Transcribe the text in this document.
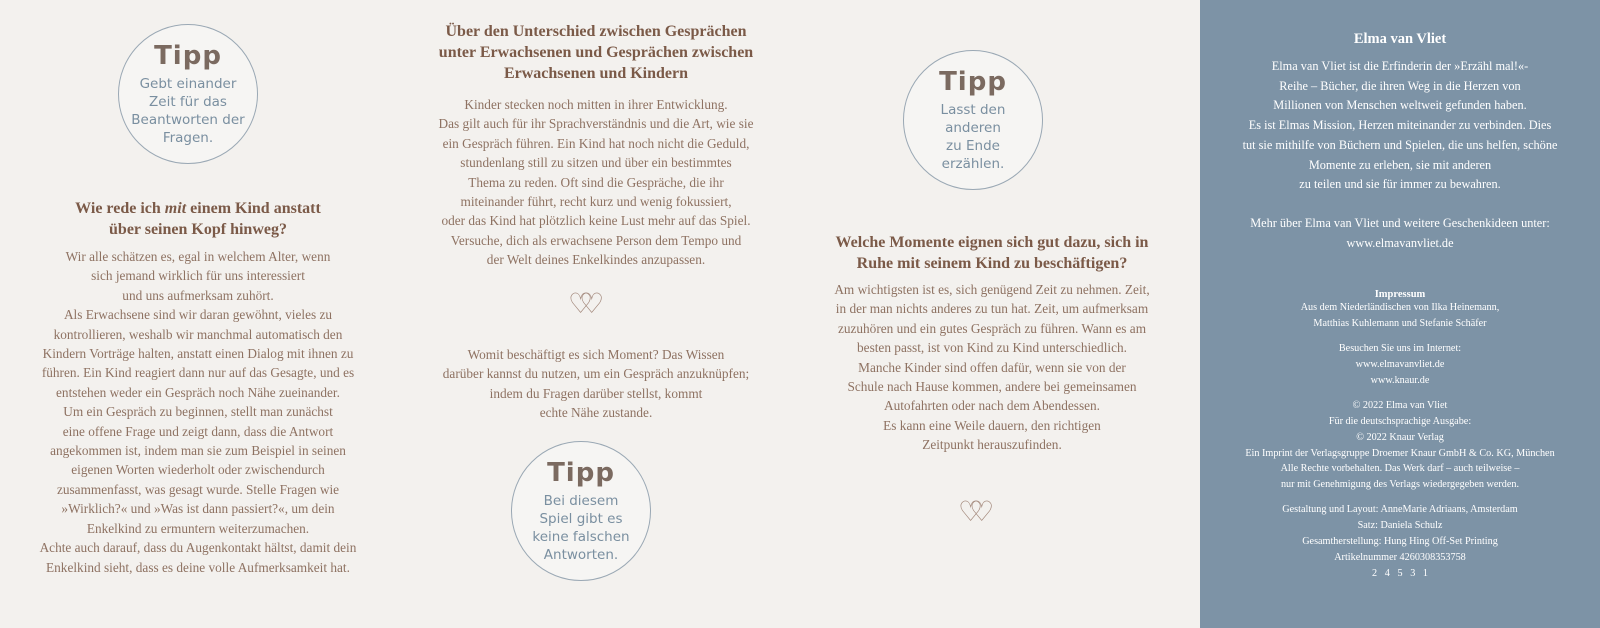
Tipp
Gebt einander
Zeit für das
Beantworten der
Fragen.
Wie rede ich mit einem Kind anstatt
über seinen Kopf hinweg?
Wir alle schätzen es, egal in welchem Alter, wenn
sich jemand wirklich für uns interessiert
und uns aufmerksam zuhört.
Als Erwachsene sind wir daran gewöhnt, vieles zu
kontrollieren, weshalb wir manchmal automatisch den
Kindern Vorträge halten, anstatt einen Dialog mit ihnen zu
führen. Ein Kind reagiert dann nur auf das Gesagte, und es
entstehen weder ein Gespräch noch Nähe zueinander.
Um ein Gespräch zu beginnen, stellt man zunächst
eine offene Frage und zeigt dann, dass die Antwort
angekommen ist, indem man sie zum Beispiel in seinen
eigenen Worten wiederholt oder zwischendurch
zusammenfasst, was gesagt wurde. Stelle Fragen wie
»Wirklich?« und »Was ist dann passiert?«, um dein
Enkelkind zu ermuntern weiterzumachen.
Achte auch darauf, dass du Augenkontakt hältst, damit dein
Enkelkind sieht, dass es deine volle Aufmerksamkeit hat.
Über den Unterschied zwischen Gesprächen
unter Erwachsenen und Gesprächen zwischen
Erwachsenen und Kindern
Kinder stecken noch mitten in ihrer Entwicklung.
Das gilt auch für ihr Sprachverständnis und die Art, wie sie
ein Gespräch führen. Ein Kind hat noch nicht die Geduld,
stundenlang still zu sitzen und über ein bestimmtes
Thema zu reden. Oft sind die Gespräche, die ihr
miteinander führt, recht kurz und wenig fokussiert,
oder das Kind hat plötzlich keine Lust mehr auf das Spiel.
Versuche, dich als erwachsene Person dem Tempo und
der Welt deines Enkelkindes anzupassen.
Womit beschäftigt es sich Moment? Das Wissen
darüber kannst du nutzen, um ein Gespräch anzuknüpfen;
indem du Fragen darüber stellst, kommt
echte Nähe zustande.
♡♡
Tipp
Bei diesem
Spiel gibt es
keine falschen
Antworten.
Tipp
Lasst den
anderen
zu Ende
erzählen.
Welche Momente eignen sich gut dazu, sich in
Ruhe mit seinem Kind zu beschäftigen?
Am wichtigsten ist es, sich genügend Zeit zu nehmen. Zeit,
in der man nichts anderes zu tun hat. Zeit, um aufmerksam
zuzuhören und ein gutes Gespräch zu führen. Wann es am
besten passt, ist von Kind zu Kind unterschiedlich.
Manche Kinder sind offen dafür, wenn sie von der
Schule nach Hause kommen, andere bei gemeinsamen
Autofahrten oder nach dem Abendessen.
Es kann eine Weile dauern, den richtigen
Zeitpunkt herauszufinden.
♡♡
Elma van Vliet
Elma van Vliet ist die Erfinderin der »Erzähl mal!«-
Reihe – Bücher, die ihren Weg in die Herzen von
Millionen von Menschen weltweit gefunden haben.
Es ist Elmas Mission, Herzen miteinander zu verbinden. Dies
tut sie mithilfe von Büchern und Spielen, die uns helfen, schöne
Momente zu erleben, sie mit anderen
zu teilen und sie für immer zu bewahren.
Mehr über Elma van Vliet und weitere Geschenkideen unter:
www.elmavanvliet.de
Impressum
Aus dem Niederländischen von Ilka Heinemann,
Matthias Kuhlemann und Stefanie Schäfer
Besuchen Sie uns im Internet:
www.elmavanvliet.de
www.knaur.de
© 2022 Elma van Vliet
Für die deutschsprachige Ausgabe:
© 2022 Knaur Verlag
Ein Imprint der Verlagsgruppe Droemer Knaur GmbH & Co. KG, München
Alle Rechte vorbehalten. Das Werk darf – auch teilweise –
nur mit Genehmigung des Verlags wiedergegeben werden.
Gestaltung und Layout: AnneMarie Adriaans, Amsterdam
Satz: Daniela Schulz
Gesamtherstellung: Hung Hing Off-Set Printing
Artikelnummer 4260308353758
2   4   5   3   1
